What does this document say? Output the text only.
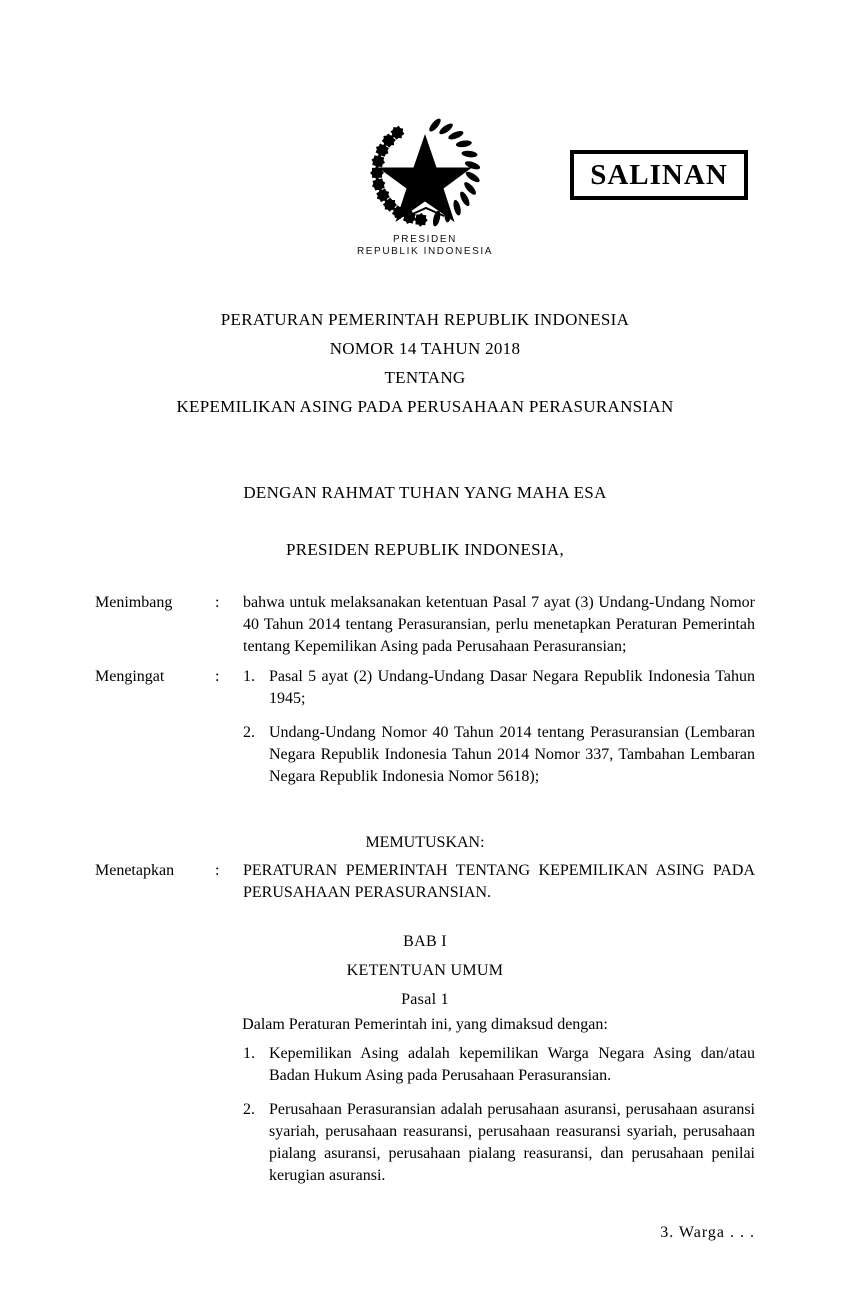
PRESIDEN
REPUBLIK INDONESIA
SALINAN
PERATURAN PEMERINTAH REPUBLIK INDONESIA
NOMOR 14 TAHUN 2018
TENTANG
KEPEMILIKAN ASING PADA PERUSAHAAN PERASURANSIAN
DENGAN RAHMAT TUHAN YANG MAHA ESA
PRESIDEN REPUBLIK INDONESIA,
Menimbang	:	bahwa untuk melaksanakan ketentuan Pasal 7 ayat (3) Undang-Undang Nomor 40 Tahun 2014 tentang Perasuransian, perlu menetapkan Peraturan Pemerintah tentang Kepemilikan Asing pada Perusahaan Perasuransian;

Mengingat	:	1. Pasal 5 ayat (2) Undang-Undang Dasar Negara Republik Indonesia Tahun 1945;
2. Undang-Undang Nomor 40 Tahun 2014 tentang Perasuransian (Lembaran Negara Republik Indonesia Tahun 2014 Nomor 337, Tambahan Lembaran Negara Republik Indonesia Nomor 5618);
MEMUTUSKAN:
Menetapkan	:	PERATURAN PEMERINTAH TENTANG KEPEMILIKAN ASING PADA PERUSAHAAN PERASURANSIAN.

BAB I
KETENTUAN UMUM
Pasal 1
Dalam Peraturan Pemerintah ini, yang dimaksud dengan:
1. Kepemilikan Asing adalah kepemilikan Warga Negara Asing dan/atau Badan Hukum Asing pada Perusahaan Perasuransian.
2. Perusahaan Perasuransian adalah perusahaan asuransi, perusahaan asuransi syariah, perusahaan reasuransi, perusahaan reasuransi syariah, perusahaan pialang asuransi, perusahaan pialang reasuransi, dan perusahaan penilai kerugian asuransi.
3. Warga . . .
